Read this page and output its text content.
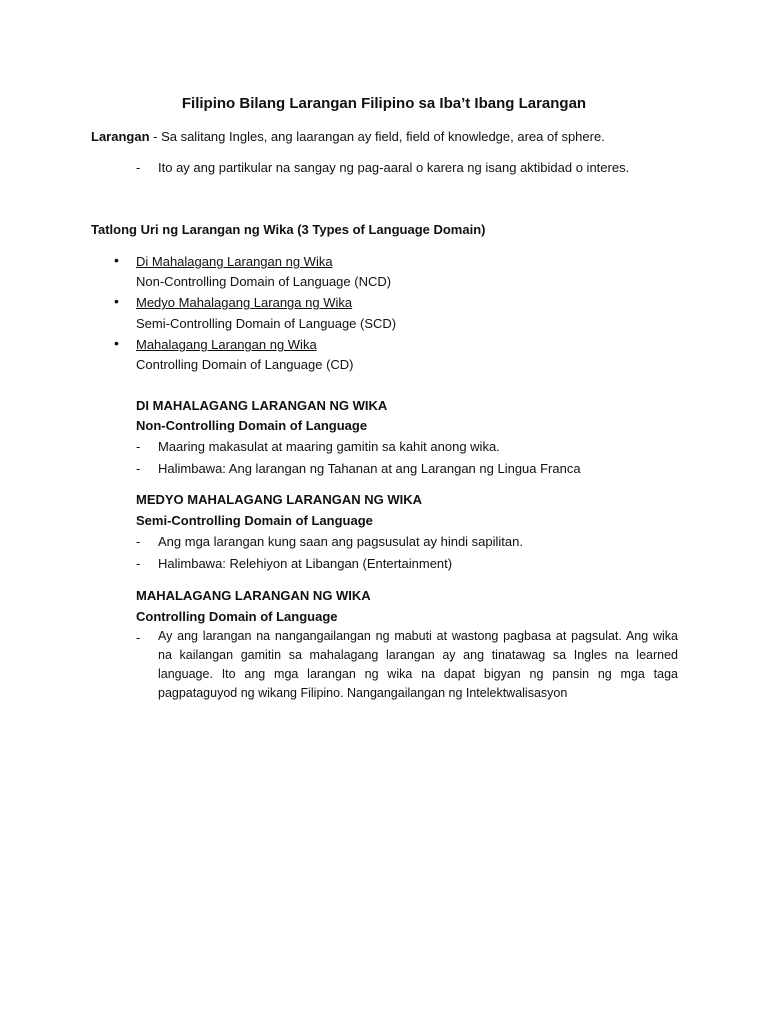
Filipino Bilang Larangan Filipino sa Iba’t Ibang Larangan
Larangan - Sa salitang Ingles, ang laarangan ay field, field of knowledge, area of sphere.
-	Ito ay ang partikular na sangay ng pag-aaral o karera ng isang aktibidad o interes.
Tatlong Uri ng Larangan ng Wika (3 Types of Language Domain)
• Di Mahalagang Larangan ng Wika
Non-Controlling Domain of Language (NCD)
• Medyo Mahalagang Laranga ng Wika
Semi-Controlling Domain of Language (SCD)
• Mahalagang Larangan ng Wika
Controlling Domain of Language (CD)
DI MAHALAGANG LARANGAN NG WIKA
Non-Controlling Domain of Language
-	Maaring makasulat at maaring gamitin sa kahit anong wika.
-	Halimbawa: Ang larangan ng Tahanan at ang Larangan ng Lingua Franca
MEDYO MAHALAGANG LARANGAN NG WIKA
Semi-Controlling Domain of Language
-	Ang mga larangan kung saan ang pagsusulat ay hindi sapilitan.
-	Halimbawa: Relehiyon at Libangan (Entertainment)
MAHALAGANG LARANGAN NG WIKA
Controlling Domain of Language
-	Ay ang larangan na nangangailangan ng mabuti at wastong pagbasa at pagsulat. Ang wika na kailangan gamitin sa mahalagang larangan ay ang tinatawag sa Ingles na learned language. Ito ang mga larangan ng wika na dapat bigyan ng pansin ng mga taga pagpataguyod ng wikang Filipino. Nangangailangan ng Intelektwalisasyon
